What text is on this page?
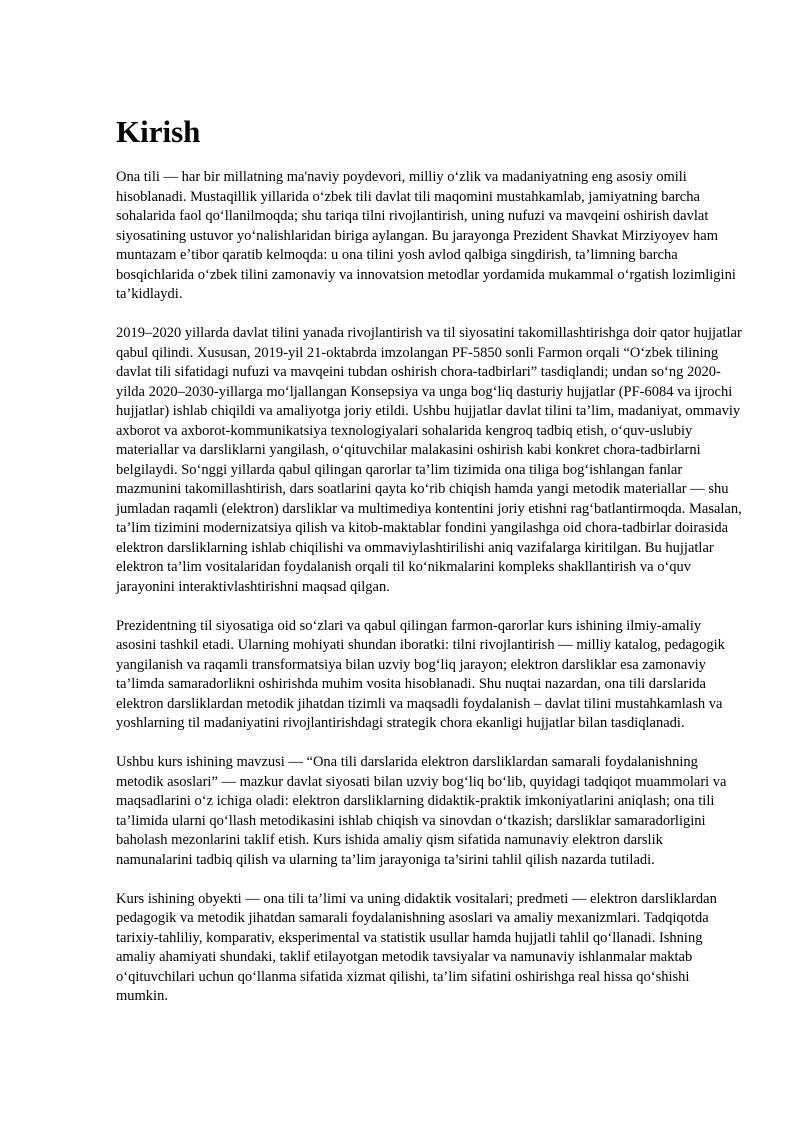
Kirish

Ona tili — har bir millatning ma'naviy poydevori, milliy oʻzlik va madaniyatning eng asosiy omili hisoblanadi. Mustaqillik yillarida oʻzbek tili davlat tili maqomini mustahkamlab, jamiyatning barcha sohalarida faol qoʻllanilmoqda; shu tariqa tilni rivojlantirish, uning nufuzi va mavqeini oshirish davlat siyosatining ustuvor yoʻnalishlaridan biriga aylangan. Bu jarayonga Prezident Shavkat Mirziyoyev ham muntazam eʼtibor qaratib kelmoqda: u ona tilini yosh avlod qalbiga singdirish, ta’limning barcha bosqichlarida oʻzbek tilini zamonaviy va innovatsion metodlar yordamida mukammal oʻrgatish lozimligini ta’kidlaydi.

2019–2020 yillarda davlat tilini yanada rivojlantirish va til siyosatini takomillashtirishga doir qator hujjatlar qabul qilindi. Xususan, 2019-yil 21-oktabrda imzolangan PF-5850 sonli Farmon orqali “Oʻzbek tilining davlat tili sifatidagi nufuzi va mavqeini tubdan oshirish chora-tadbirlari” tasdiqlandi; undan soʻng 2020-yilda 2020–2030-yillarga moʻljallangan Konsepsiya va unga bogʻliq dasturiy hujjatlar (PF-6084 va ijrochi hujjatlar) ishlab chiqildi va amaliyotga joriy etildi. Ushbu hujjatlar davlat tilini ta’lim, madaniyat, ommaviy axborot va axborot-kommunikatsiya texnologiyalari sohalarida kengroq tadbiq etish, oʻquv-uslubiy materiallar va darsliklarni yangilash, oʻqituvchilar malakasini oshirish kabi konkret chora-tadbirlarni belgilaydi. Soʻnggi yillarda qabul qilingan qarorlar ta’lim tizimida ona tiliga bogʻishlangan fanlar mazmunini takomillashtirish, dars soatlarini qayta koʻrib chiqish hamda yangi metodik materiallar — shu jumladan raqamli (elektron) darsliklar va multimediya kontentini joriy etishni ragʻbatlantirmoqda. Masalan, ta’lim tizimini modernizatsiya qilish va kitob-maktablar fondini yangilashga oid chora-tadbirlar doirasida elektron darsliklarning ishlab chiqilishi va ommaviylashtirilishi aniq vazifalarga kiritilgan. Bu hujjatlar elektron ta’lim vositalaridan foydalanish orqali til koʻnikmalarini kompleks shakllantirish va oʻquv jarayonini interaktivlashtirishni maqsad qilgan.

Prezidentning til siyosatiga oid soʻzlari va qabul qilingan farmon-qarorlar kurs ishining ilmiy-amaliy asosini tashkil etadi. Ularning mohiyati shundan iboratki: tilni rivojlantirish — milliy katalog, pedagogik yangilanish va raqamli transformatsiya bilan uzviy bogʻliq jarayon; elektron darsliklar esa zamonaviy ta’limda samaradorlikni oshirishda muhim vosita hisoblanadi. Shu nuqtai nazardan, ona tili darslarida elektron darsliklardan metodik jihatdan tizimli va maqsadli foydalanish – davlat tilini mustahkamlash va yoshlarning til madaniyatini rivojlantirishdagi strategik chora ekanligi hujjatlar bilan tasdiqlanadi.

Ushbu kurs ishining mavzusi — “Ona tili darslarida elektron darsliklardan samarali foydalanishning metodik asoslari” — mazkur davlat siyosati bilan uzviy bogʻliq boʻlib, quyidagi tadqiqot muammolari va maqsadlarini oʻz ichiga oladi: elektron darsliklarning didaktik-praktik imkoniyatlarini aniqlash; ona tili ta’limida ularni qoʻllash metodikasini ishlab chiqish va sinovdan oʻtkazish; darsliklar samaradorligini baholash mezonlarini taklif etish. Kurs ishida amaliy qism sifatida namunaviy elektron darslik namunalarini tadbiq qilish va ularning ta’lim jarayoniga ta’sirini tahlil qilish nazarda tutiladi.

Kurs ishining obyekti — ona tili ta’limi va uning didaktik vositalari; predmeti — elektron darsliklardan pedagogik va metodik jihatdan samarali foydalanishning asoslari va amaliy mexanizmlari. Tadqiqotda tarixiy-tahliliy, komparativ, eksperimental va statistik usullar hamda hujjatli tahlil qoʻllanadi. Ishning amaliy ahamiyati shundaki, taklif etilayotgan metodik tavsiyalar va namunaviy ishlanmalar maktab oʻqituvchilari uchun qoʻllanma sifatida xizmat qilishi, ta’lim sifatini oshirishga real hissa qoʻshishi mumkin.
